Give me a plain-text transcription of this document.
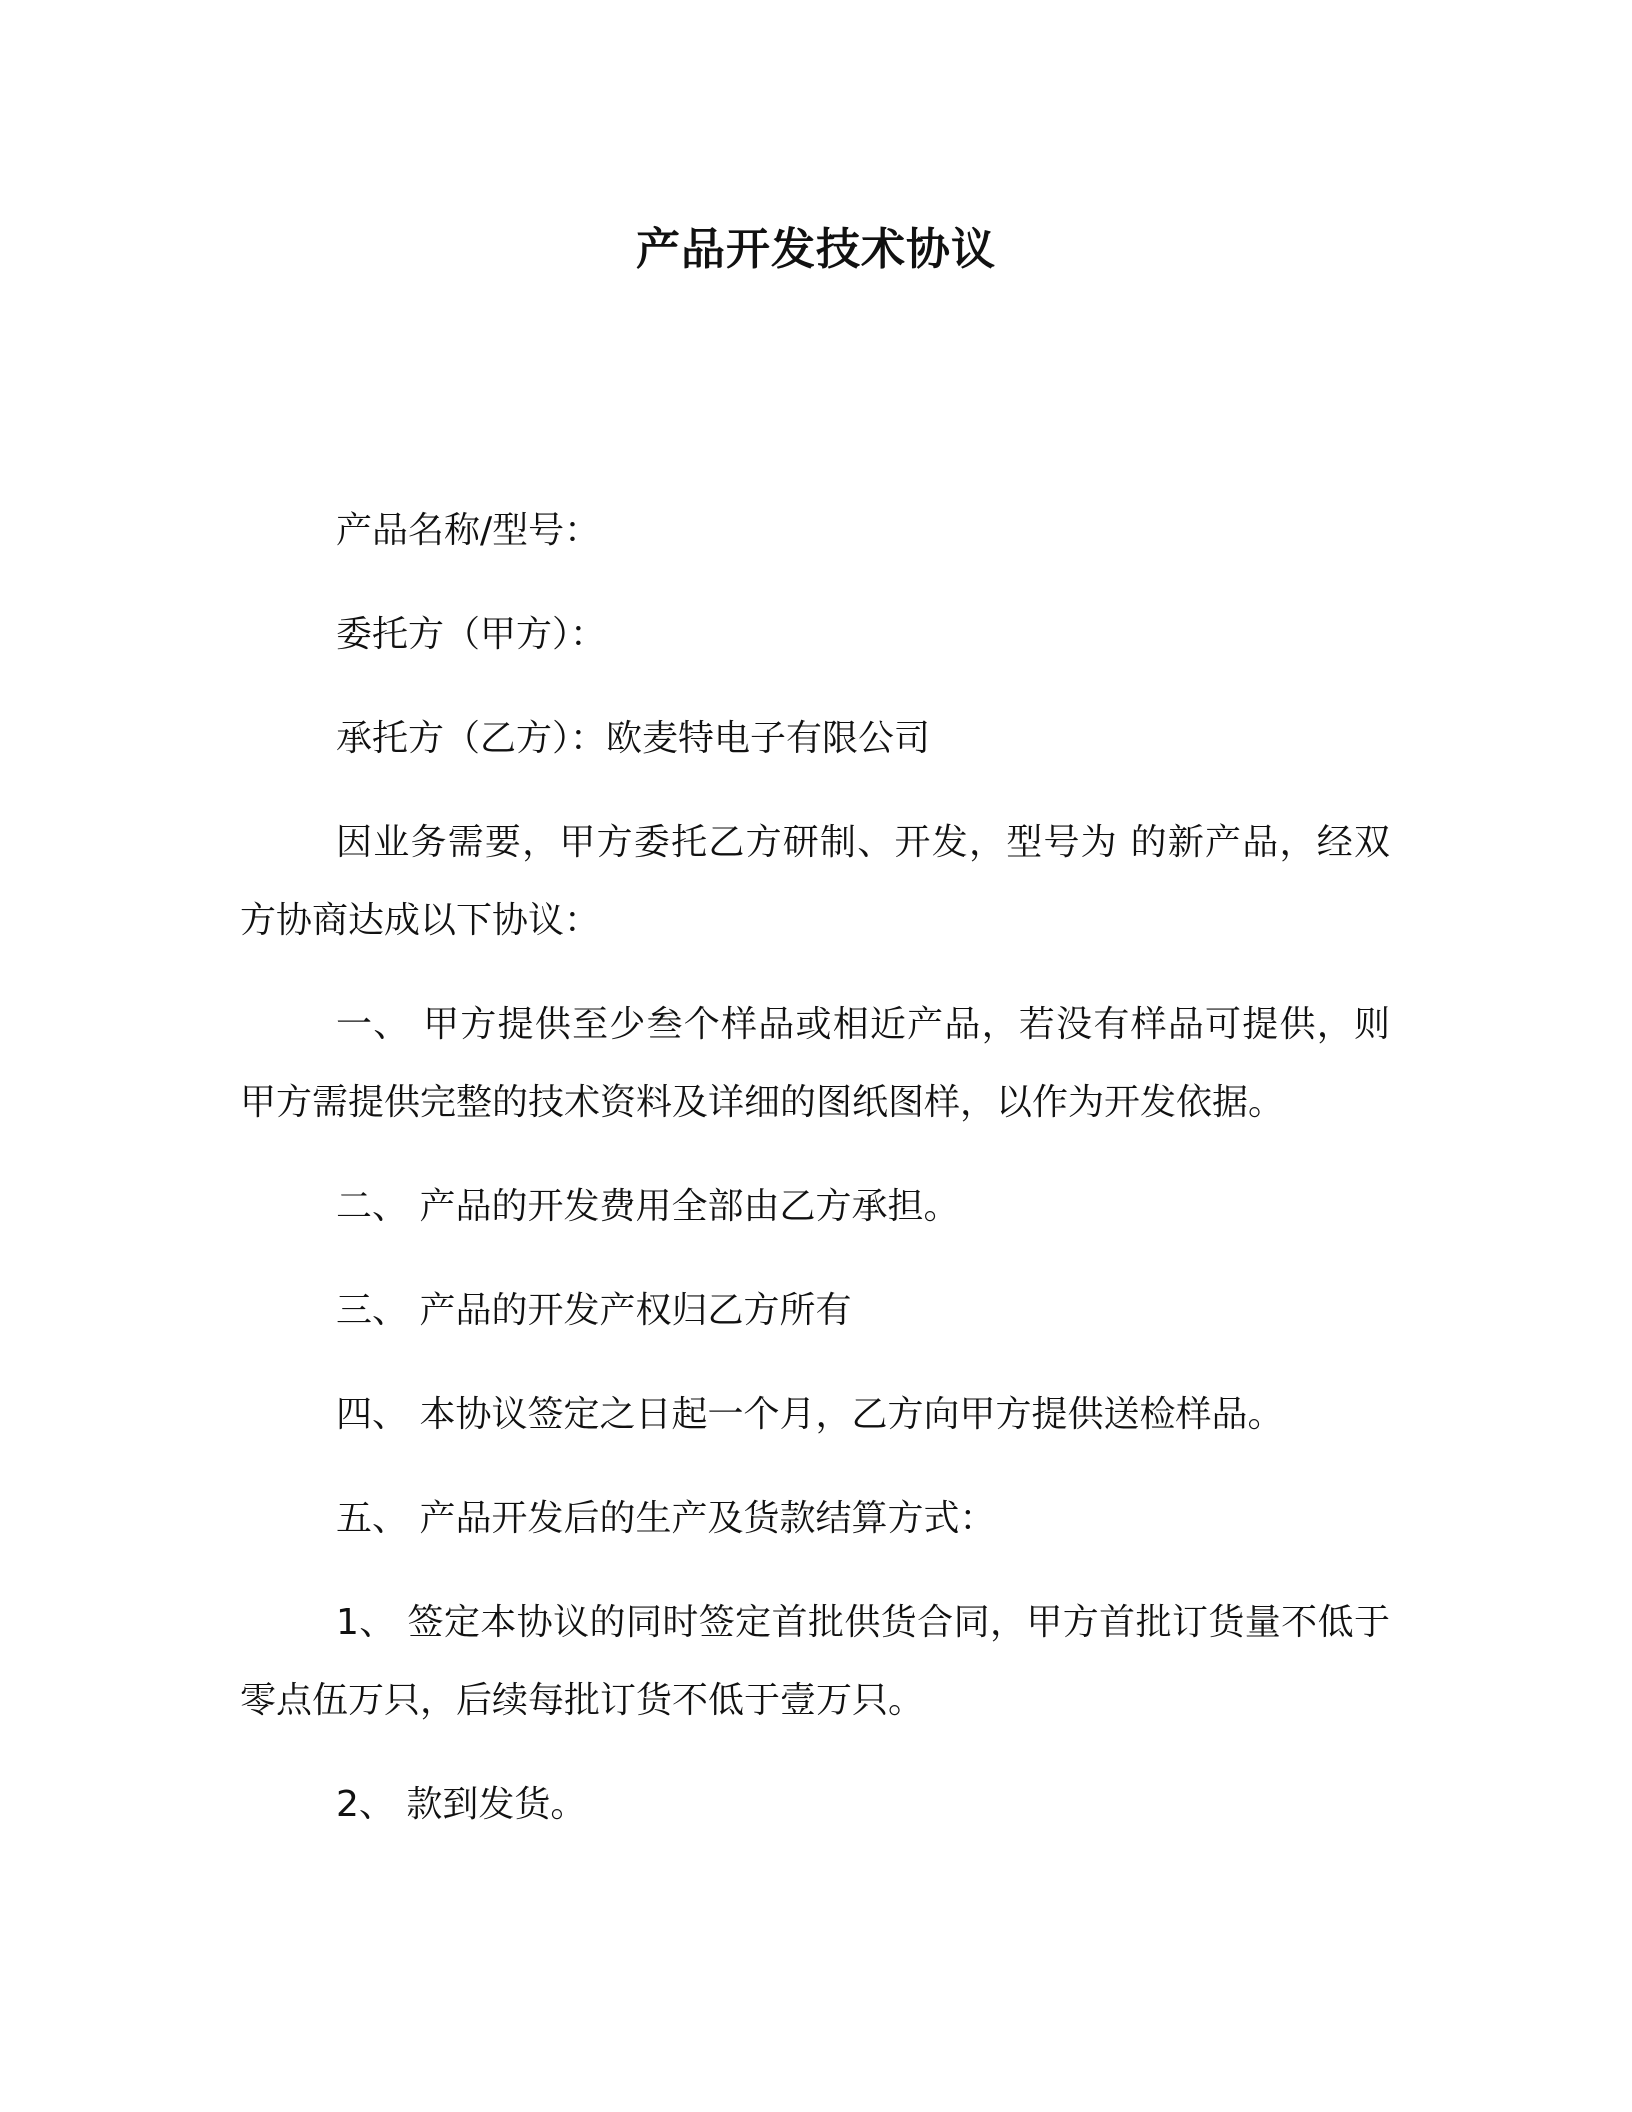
产品开发技术协议

产品名称/型号：

委托方（甲方）：

承托方（乙方）：欧麦特电子有限公司

因业务需要，甲方委托乙方研制、开发，型号为 的新产品，经双方协商达成以下协议：

一、 甲方提供至少叁个样品或相近产品，若没有样品可提供，则甲方需提供完整的技术资料及详细的图纸图样，以作为开发依据。

二、 产品的开发费用全部由乙方承担。

三、 产品的开发产权归乙方所有

四、 本协议签定之日起一个月，乙方向甲方提供送检样品。

五、 产品开发后的生产及货款结算方式：

1、 签定本协议的同时签定首批供货合同，甲方首批订货量不低于零点伍万只，后续每批订货不低于壹万只。

2、 款到发货。
